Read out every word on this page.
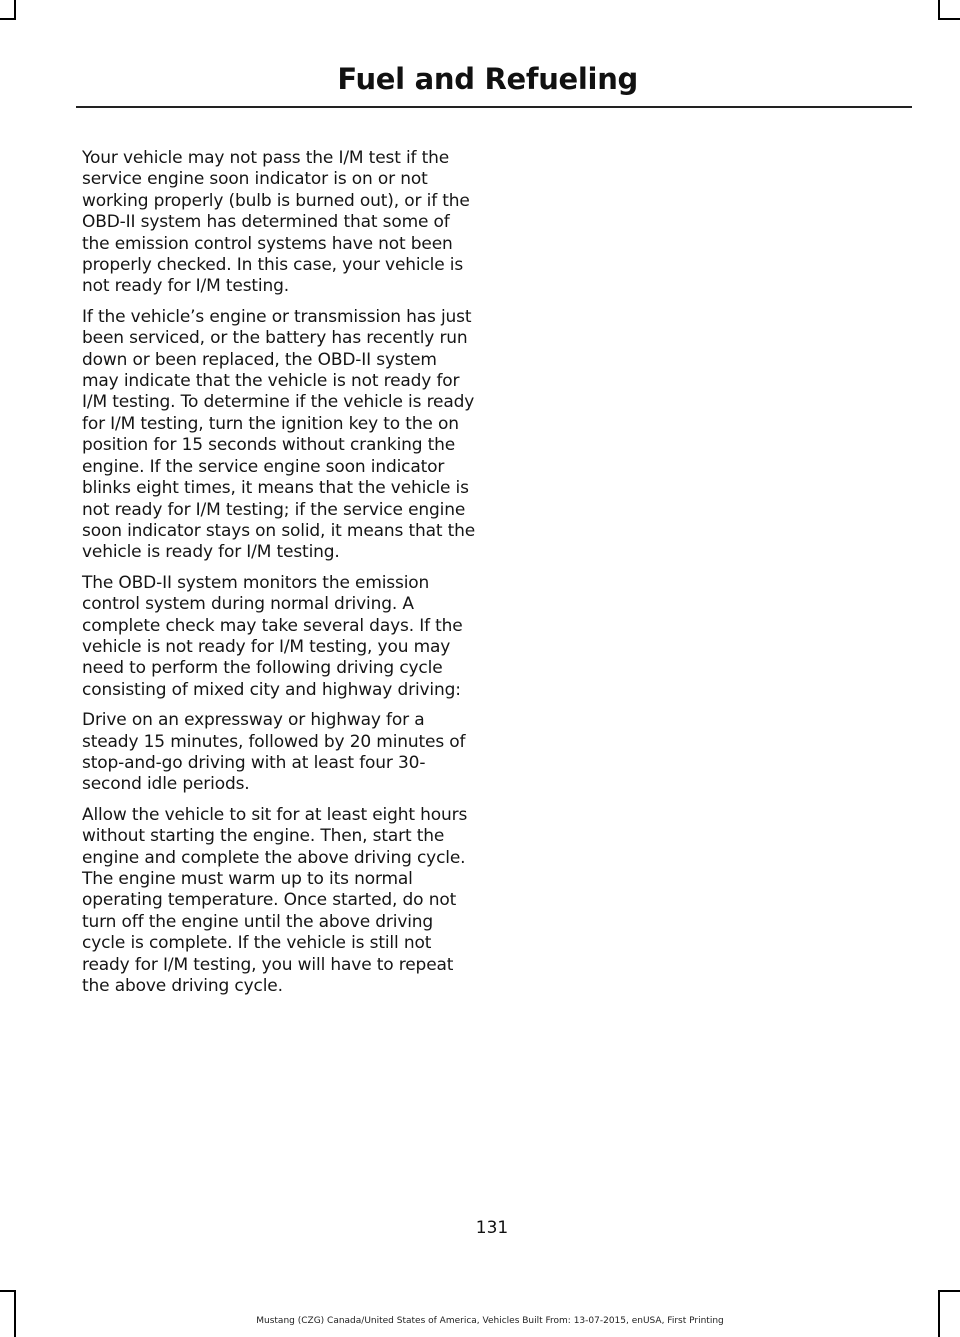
Fuel and Refueling

Your vehicle may not pass the I/M test if the service engine soon indicator is on or not working properly (bulb is burned out), or if the OBD-II system has determined that some of the emission control systems have not been properly checked. In this case, your vehicle is not ready for I/M testing.

If the vehicle’s engine or transmission has just been serviced, or the battery has recently run down or been replaced, the OBD-II system may indicate that the vehicle is not ready for I/M testing. To determine if the vehicle is ready for I/M testing, turn the ignition key to the on position for 15 seconds without cranking the engine. If the service engine soon indicator blinks eight times, it means that the vehicle is not ready for I/M testing; if the service engine soon indicator stays on solid, it means that the vehicle is ready for I/M testing.

The OBD-II system monitors the emission control system during normal driving. A complete check may take several days. If the vehicle is not ready for I/M testing, you may need to perform the following driving cycle consisting of mixed city and highway driving:

Drive on an expressway or highway for a steady 15 minutes, followed by 20 minutes of stop-and-go driving with at least four 30-second idle periods.

Allow the vehicle to sit for at least eight hours without starting the engine. Then, start the engine and complete the above driving cycle. The engine must warm up to its normal operating temperature. Once started, do not turn off the engine until the above driving cycle is complete. If the vehicle is still not ready for I/M testing, you will have to repeat the above driving cycle.

131
Mustang (CZG) Canada/United States of America, Vehicles Built From: 13-07-2015, enUSA, First Printing
